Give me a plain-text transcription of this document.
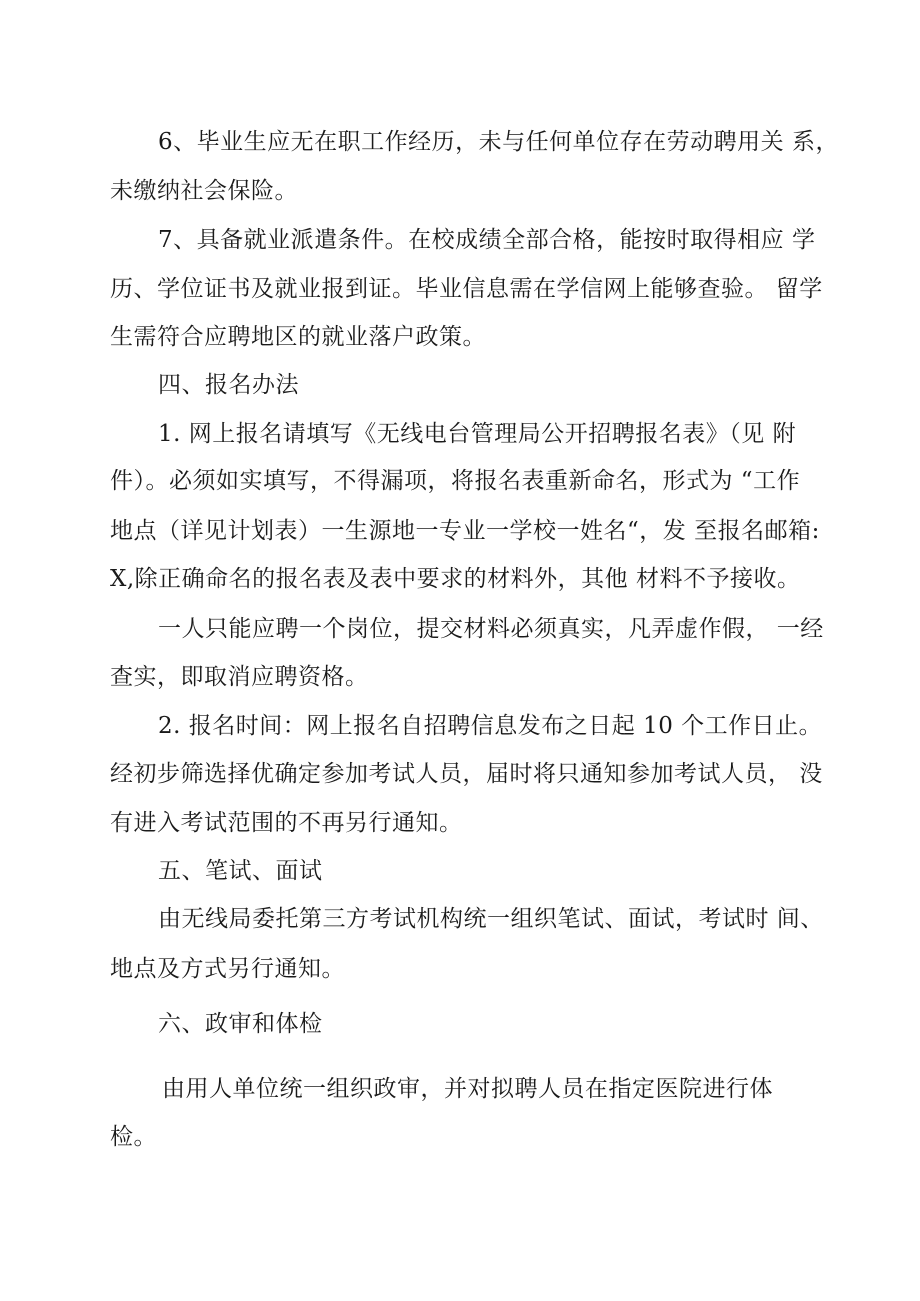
6、毕业生应无在职工作经历，未与任何单位存在劳动聘用关 系，
未缴纳社会保险。
7、具备就业派遣条件。在校成绩全部合格，能按时取得相应 学
历、学位证书及就业报到证。毕业信息需在学信网上能够查验。 留学
生需符合应聘地区的就业落户政策。
四、报名办法
1. 网上报名请填写《无线电台管理局公开招聘报名表》（见 附
件）。必须如实填写，不得漏项，将报名表重新命名，形式为 “工作
地点（详见计划表）一生源地一专业一学校一姓名“，发 至报名邮箱:
X,除正确命名的报名表及表中要求的材料外，其他 材料不予接收。
一人只能应聘一个岗位，提交材料必须真实，凡弄虚作假， 一经
查实，即取消应聘资格。
2. 报名时间：网上报名自招聘信息发布之日起 10 个工作日止。
经初步筛选择优确定参加考试人员，届时将只通知参加考试人员， 没
有进入考试范围的不再另行通知。
五、笔试、面试
由无线局委托第三方考试机构统一组织笔试、面试，考试时 间、
地点及方式另行通知。
六、政审和体检
由用人单位统一组织政审，并对拟聘人员在指定医院进行体
检。
